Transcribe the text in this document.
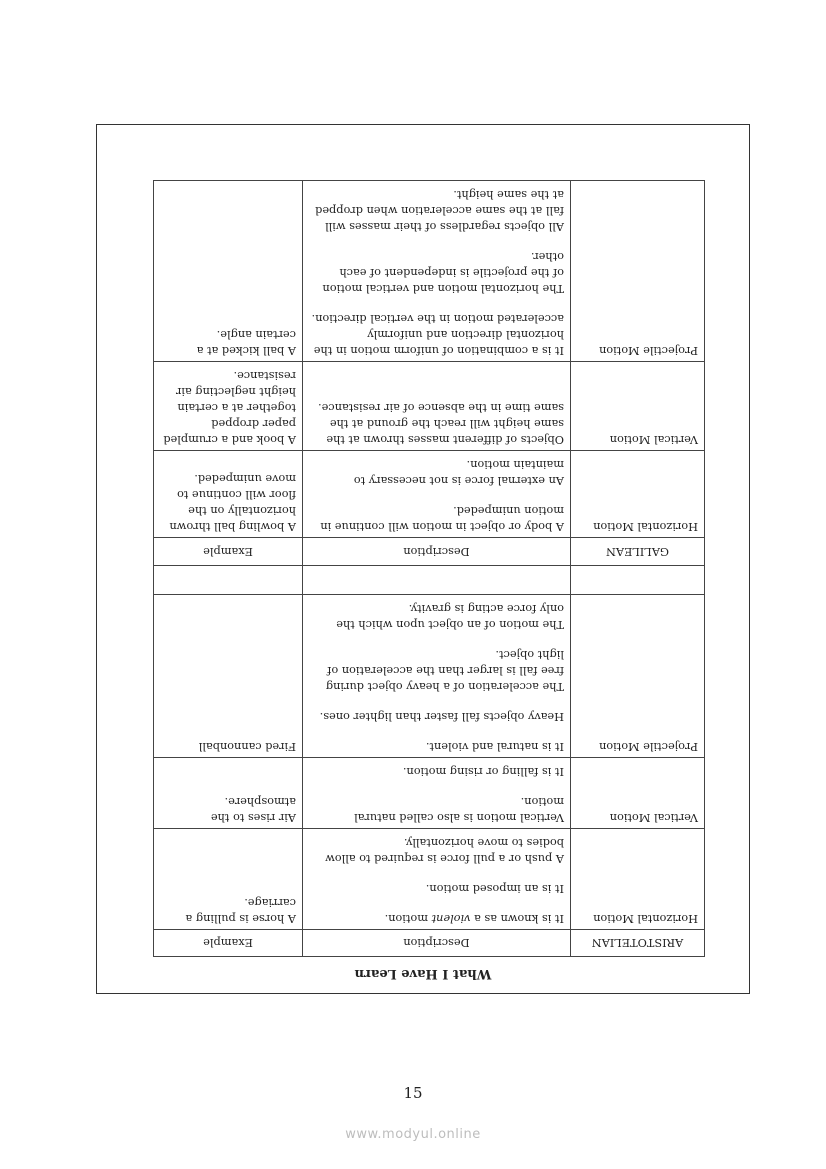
What I Have Learn
ARISTOTELIAN	Description	Example
Horizontal Motion	It is known as a violent motion.

It is an imposed motion.

A push or a pull force is required to allow bodies to move horizontally.	A horse is pulling a carriage.
Vertical Motion	Vertical motion is also called natural motion.

It is falling or rising motion.	Air rises to the atmosphere.
Projectile Motion	It is natural and violent.

Heavy objects fall faster than lighter ones.

The acceleration of a heavy object during free fall is larger than the acceleration of light object.

The motion of an object upon which the only force acting is gravity.	Fired cannonball

GALILEAN	Description	Example
Horizontal Motion	A body or object in motion will continue in motion unimpeded.

An external force is not necessary to maintain motion.	A bowling ball thrown horizontally on the floor will continue to move unimpeded.
Vertical Motion	Objects of different masses thrown at the same height will reach the ground at the same time in the absence of air resistance.	A book and a crumpled paper dropped together at a certain height neglecting air resistance.
Projectile Motion	It is a combination of uniform motion in the horizontal direction and uniformly accelerated motion in the vertical direction.

The horizontal motion and vertical motion of the projectile is independent of each other.

All objects regardless of their masses will fall at the same acceleration when dropped at the same height.	A ball kicked at a certain angle.
15
www.modyul.online
